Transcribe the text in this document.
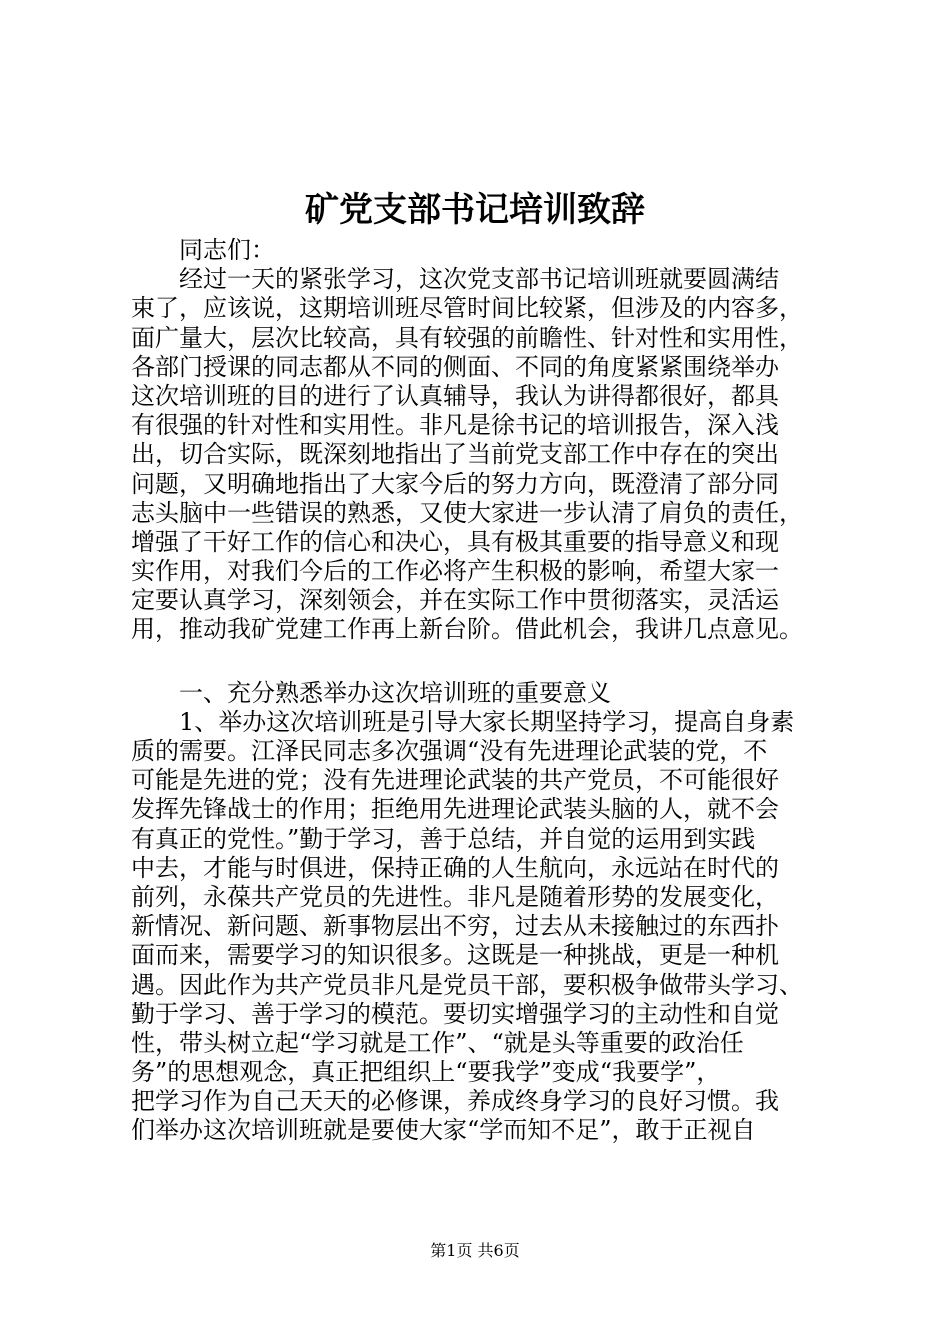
矿党支部书记培训致辞
同志们：
经过一天的紧张学习，这次党支部书记培训班就要圆满结
束了，应该说，这期培训班尽管时间比较紧，但涉及的内容多，
面广量大，层次比较高，具有较强的前瞻性、针对性和实用性，
各部门授课的同志都从不同的侧面、不同的角度紧紧围绕举办
这次培训班的目的进行了认真辅导，我认为讲得都很好，都具
有很强的针对性和实用性。非凡是徐书记的培训报告，深入浅
出，切合实际，既深刻地指出了当前党支部工作中存在的突出
问题，又明确地指出了大家今后的努力方向，既澄清了部分同
志头脑中一些错误的熟悉，又使大家进一步认清了肩负的责任，
增强了干好工作的信心和决心，具有极其重要的指导意义和现
实作用，对我们今后的工作必将产生积极的影响，希望大家一
定要认真学习，深刻领会，并在实际工作中贯彻落实，灵活运
用，推动我矿党建工作再上新台阶。借此机会，我讲几点意见。
一、充分熟悉举办这次培训班的重要意义
1、举办这次培训班是引导大家长期坚持学习，提高自身素
质的需要。江泽民同志多次强调“没有先进理论武装的党，不
可能是先进的党；没有先进理论武装的共产党员，不可能很好
发挥先锋战士的作用；拒绝用先进理论武装头脑的人，就不会
有真正的党性。”勤于学习，善于总结，并自觉的运用到实践
中去，才能与时俱进，保持正确的人生航向，永远站在时代的
前列，永葆共产党员的先进性。非凡是随着形势的发展变化，
新情况、新问题、新事物层出不穷，过去从未接触过的东西扑
面而来，需要学习的知识很多。这既是一种挑战，更是一种机
遇。因此作为共产党员非凡是党员干部，要积极争做带头学习、
勤于学习、善于学习的模范。要切实增强学习的主动性和自觉
性，带头树立起“学习就是工作”、“就是头等重要的政治任
务”的思想观念，真正把组织上“要我学”变成“我要学”，
把学习作为自己天天的必修课，养成终身学习的良好习惯。我
们举办这次培训班就是要使大家“学而知不足”，敢于正视自
第1页 共6页
